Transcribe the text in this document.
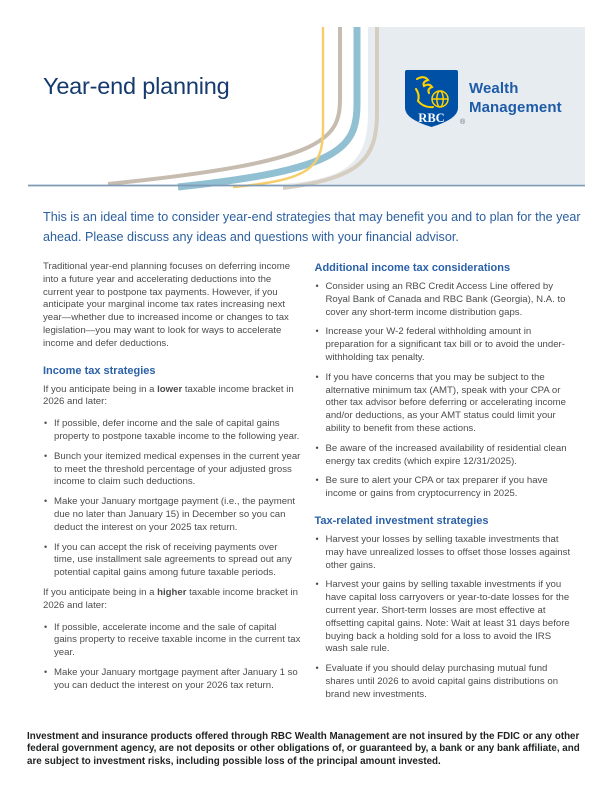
Year-end planning
RBC ®
Wealth
Management
This is an ideal time to consider year-end strategies that may benefit you and to plan for the year ahead. Please discuss any ideas and questions with your financial advisor.

Traditional year-end planning focuses on deferring income into a future year and accelerating deductions into the current year to postpone tax payments. However, if you anticipate your marginal income tax rates increasing next year—whether due to increased income or changes to tax legislation—you may want to look for ways to accelerate income and defer deductions.

Income tax strategies

If you anticipate being in a lower taxable income bracket in 2026 and later:

• If possible, defer income and the sale of capital gains property to postpone taxable income to the following year.
• Bunch your itemized medical expenses in the current year to meet the threshold percentage of your adjusted gross income to claim such deductions.
• Make your January mortgage payment (i.e., the payment due no later than January 15) in December so you can deduct the interest on your 2025 tax return.
• If you can accept the risk of receiving payments over time, use installment sale agreements to spread out any potential capital gains among future taxable periods.

If you anticipate being in a higher taxable income bracket in 2026 and later:

• If possible, accelerate income and the sale of capital gains property to receive taxable income in the current tax year.
• Make your January mortgage payment after January 1 so you can deduct the interest on your 2026 tax return.
Additional income tax considerations
• Consider using an RBC Credit Access Line offered by Royal Bank of Canada and RBC Bank (Georgia), N.A. to cover any short-term income distribution gaps.
• Increase your W-2 federal withholding amount in preparation for a significant tax bill or to avoid the under-withholding tax penalty.
• If you have concerns that you may be subject to the alternative minimum tax (AMT), speak with your CPA or other tax advisor before deferring or accelerating income and/or deductions, as your AMT status could limit your ability to benefit from these actions.
• Be aware of the increased availability of residential clean energy tax credits (which expire 12/31/2025).
• Be sure to alert your CPA or tax preparer if you have income or gains from cryptocurrency in 2025.
Tax-related investment strategies
• Harvest your losses by selling taxable investments that may have unrealized losses to offset those losses against other gains.
• Harvest your gains by selling taxable investments if you have capital loss carryovers or year-to-date losses for the current year. Short-term losses are most effective at offsetting capital gains. Note: Wait at least 31 days before buying back a holding sold for a loss to avoid the IRS wash sale rule.
• Evaluate if you should delay purchasing mutual fund shares until 2026 to avoid capital gains distributions on brand new investments.
Investment and insurance products offered through RBC Wealth Management are not insured by the FDIC or any other federal government agency, are not deposits or other obligations of, or guaranteed by, a bank or any bank affiliate, and are subject to investment risks, including possible loss of the principal amount invested.
